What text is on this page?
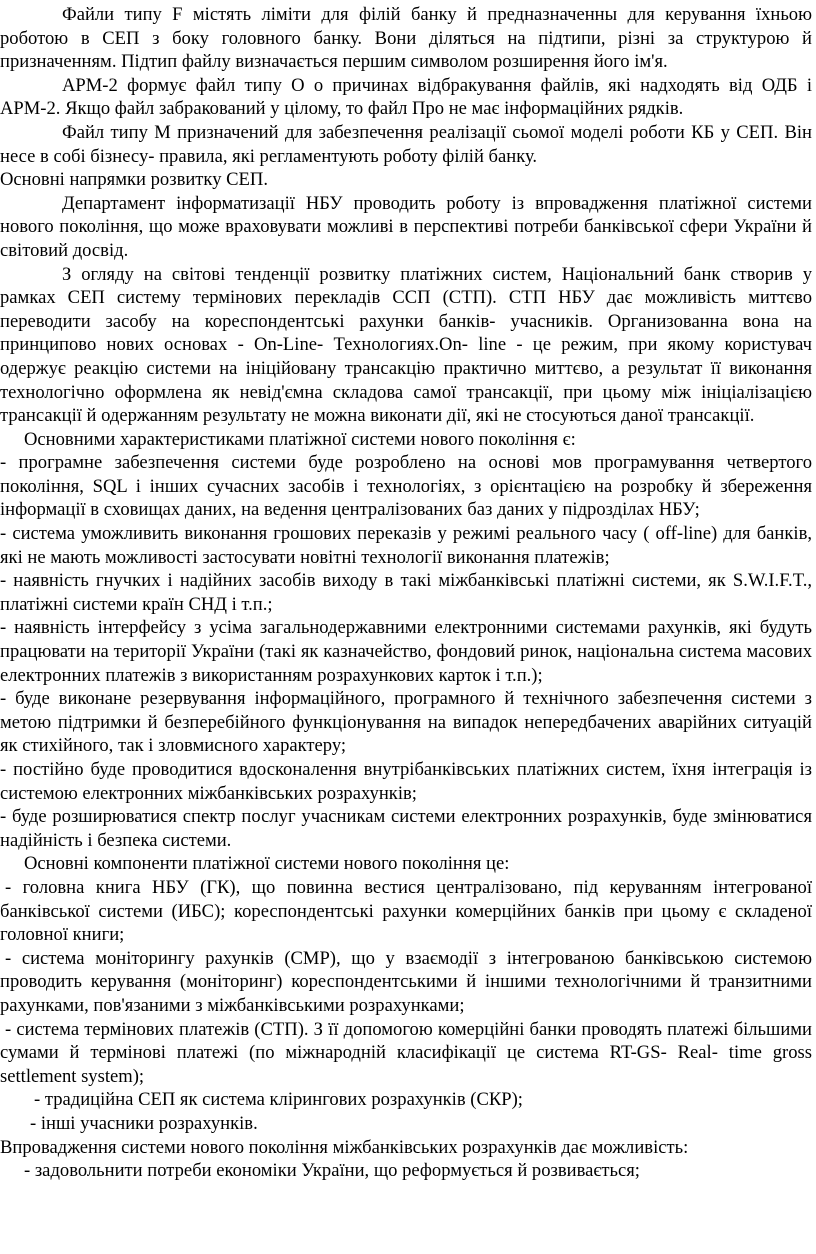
Файли типу F містять ліміти для філій банку й предназначенны для керування їхньою роботою в СЕП з боку головного банку. Вони діляться на підтипи, різні за структурою й призначенням. Підтип файлу визначається першим символом розширення його ім'я.

АРМ-2 формує файл типу О о причинах відбракування файлів, які надходять від ОДБ і АРМ-2. Якщо файл забракований у цілому, то файл Про не має інформаційних рядків.

Файл типу М призначений для забезпечення реалізації сьомої моделі роботи КБ у СЕП. Він несе в собі бізнесу- правила, які регламентують роботу філій банку.

Основні напрямки розвитку СЕП.

Департамент інформатизації НБУ проводить роботу із впровадження платіжної системи нового покоління, що може враховувати можливі в перспективі потреби банківської сфери України й світовий досвід.

З огляду на світові тенденції розвитку платіжних систем, Національний банк створив у рамках СЕП систему термінових перекладів ССП (СТП). СТП НБУ дає можливість миттєво переводити засобу на кореспондентські рахунки банків- учасників. Организованна вона на принципово нових основах - On-Line- Технологиях.On- line - це режим, при якому користувач одержує реакцію системи на ініційовану трансакцію практично миттєво, а результат її виконання технологічно оформлена як невід'ємна складова самої трансакції, при цьому між ініціалізацією трансакції й одержанням результату не можна виконати дії, які не стосуються даної трансакції.

Основними характеристиками платіжної системи нового покоління є:

- програмне забезпечення системи буде розроблено на основі мов програмування четвертого покоління, SQL і інших сучасних засобів і технологіях, з орієнтацією на розробку й збереження інформації в сховищах даних, на ведення централізованих баз даних у підрозділах НБУ;

- система уможливить виконання грошових переказів у режимі реального часу ( off-line) для банків, які не мають можливості застосувати новітні технології виконання платежів;

- наявність гнучких і надійних засобів виходу в такі міжбанківські платіжні системи, як S.W.I.F.T., платіжні системи країн СНД і т.п.;

- наявність інтерфейсу з усіма загальнодержавними електронними системами рахунків, які будуть працювати на території України (такі як казначейство, фондовий ринок, національна система масових електронних платежів з використанням розрахункових карток і т.п.);

- буде виконане резервування інформаційного, програмного й технічного забезпечення системи з метою підтримки й безперебійного функціонування на випадок непередбачених аварійних ситуацій як стихійного, так і зловмисного характеру;

- постійно буде проводитися вдосконалення внутрібанківських платіжних систем, їхня інтеграція із системою електронних міжбанківських розрахунків;

- буде розширюватися спектр послуг учасникам системи електронних розрахунків, буде змінюватися надійність і безпека системи.

Основні компоненти платіжної системи нового покоління це:

- головна книга НБУ (ГК), що повинна вестися централізовано, під керуванням інтегрованої банківської системи (ИБС); кореспондентські рахунки комерційних банків при цьому є складеної головної книги;

- система моніторингу рахунків (СМР), що у взаємодії з інтегрованою банківською системою проводить керування (моніторинг) кореспондентськими й іншими технологічними й транзитними рахунками, пов'язаними з міжбанківськими розрахунками;

- система термінових платежів (СТП). З її допомогою комерційні банки проводять платежі більшими сумами й термінові платежі (по міжнародній класифікації це система RT-GS- Real- time gross settlement system);

- традиційна СЕП як система клірингових розрахунків (СКР);

- інші учасники розрахунків.

Впровадження системи нового покоління міжбанківських розрахунків дає можливість:

- задовольнити потреби економіки України, що реформується й розвивається;
